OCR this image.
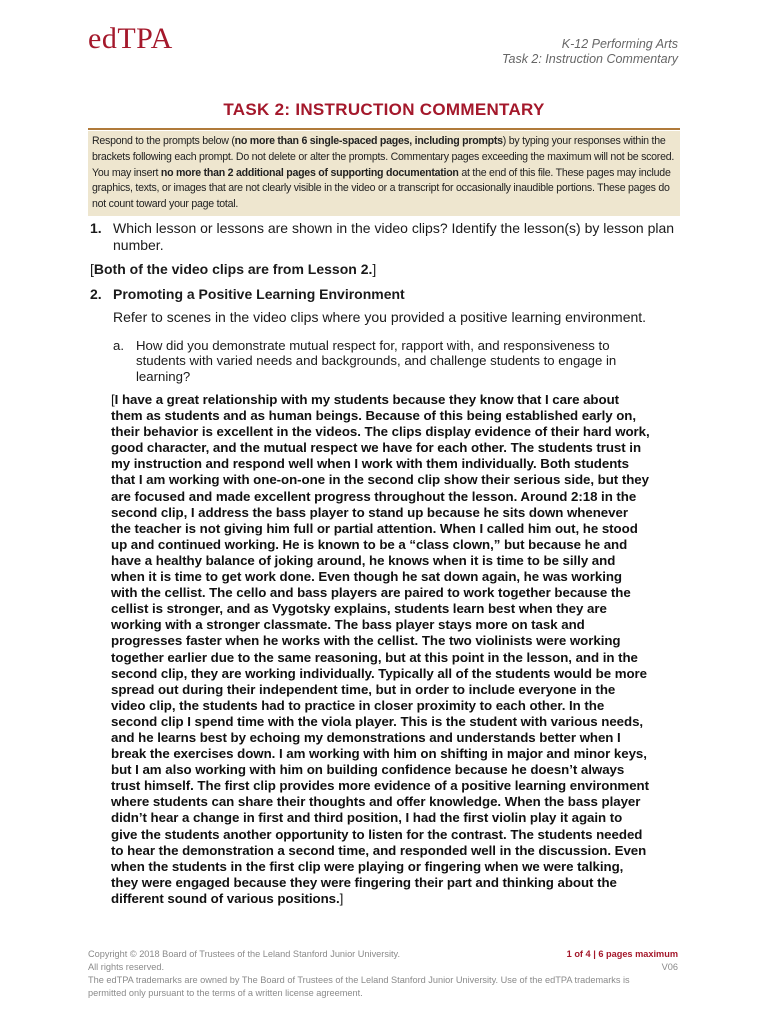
edTPA	K-12 Performing Arts
Task 2: Instruction Commentary
TASK 2: INSTRUCTION COMMENTARY
Respond to the prompts below (no more than 6 single-spaced pages, including prompts) by typing your responses within the brackets following each prompt. Do not delete or alter the prompts. Commentary pages exceeding the maximum will not be scored. You may insert no more than 2 additional pages of supporting documentation at the end of this file. These pages may include graphics, texts, or images that are not clearly visible in the video or a transcript for occasionally inaudible portions. These pages do not count toward your page total.
1. Which lesson or lessons are shown in the video clips? Identify the lesson(s) by lesson plan number.
[Both of the video clips are from Lesson 2.]
2. Promoting a Positive Learning Environment
Refer to scenes in the video clips where you provided a positive learning environment.
a. How did you demonstrate mutual respect for, rapport with, and responsiveness to students with varied needs and backgrounds, and challenge students to engage in learning?
[I have a great relationship with my students because they know that I care about them as students and as human beings. Because of this being established early on, their behavior is excellent in the videos. The clips display evidence of their hard work, good character, and the mutual respect we have for each other. The students trust in my instruction and respond well when I work with them individually. Both students that I am working with one-on-one in the second clip show their serious side, but they are focused and made excellent progress throughout the lesson. Around 2:18 in the second clip, I address the bass player to stand up because he sits down whenever the teacher is not giving him full or partial attention. When I called him out, he stood up and continued working. He is known to be a “class clown,” but because he and have a healthy balance of joking around, he knows when it is time to be silly and when it is time to get work done. Even though he sat down again, he was working with the cellist. The cello and bass players are paired to work together because the cellist is stronger, and as Vygotsky explains, students learn best when they are working with a stronger classmate. The bass player stays more on task and progresses faster when he works with the cellist. The two violinists were working together earlier due to the same reasoning, but at this point in the lesson, and in the second clip, they are working individually. Typically all of the students would be more spread out during their independent time, but in order to include everyone in the video clip, the students had to practice in closer proximity to each other. In the second clip I spend time with the viola player. This is the student with various needs, and he learns best by echoing my demonstrations and understands better when I break the exercises down. I am working with him on shifting in major and minor keys, but I am also working with him on building confidence because he doesn’t always trust himself. The first clip provides more evidence of a positive learning environment where students can share their thoughts and offer knowledge. When the bass player didn’t hear a change in first and third position, I had the first violin play it again to give the students another opportunity to listen for the contrast. The students needed to hear the demonstration a second time, and responded well in the discussion. Even when the students in the first clip were playing or fingering when we were talking, they were engaged because they were fingering their part and thinking about the different sound of various positions.]
Copyright © 2018 Board of Trustees of the Leland Stanford Junior University.
All rights reserved.
The edTPA trademarks are owned by The Board of Trustees of the Leland Stanford Junior University. Use of the edTPA trademarks is permitted only pursuant to the terms of a written license agreement.
1 of 4 | 6 pages maximum
V06
